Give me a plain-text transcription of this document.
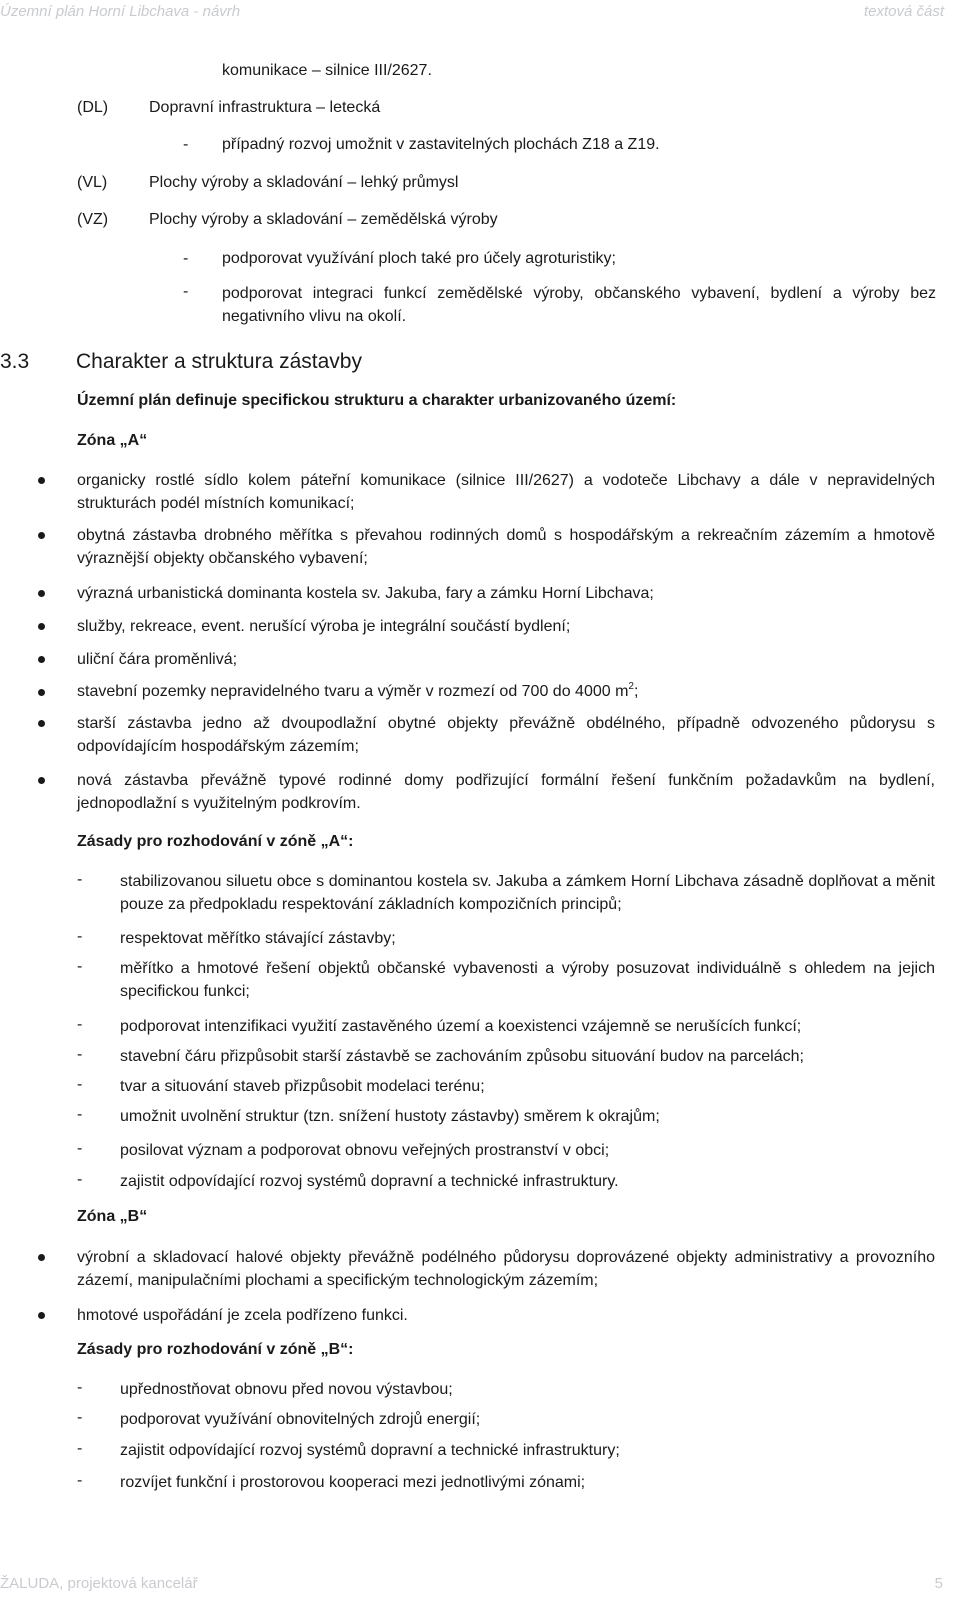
Územní plán Horní Libchava - návrh	textová část
ŽALUDA, projektová kancelář	5
komunikace – silnice III/2627.
(DL)	Dopravní infrastruktura – letecká
- případný rozvoj umožnit v zastavitelných plochách Z18 a Z19.
(VL)	Plochy výroby a skladování – lehký průmysl
(VZ)	Plochy výroby a skladování – zemědělská výroby
- podporovat využívání ploch také pro účely agroturistiky;
- podporovat integraci funkcí zemědělské výroby, občanského vybavení, bydlení a výroby bez negativního vlivu na okolí.
3.3 Charakter a struktura zástavby
Územní plán definuje specifickou strukturu a charakter urbanizovaného území:
Zóna „A“
organicky rostlé sídlo kolem páteřní komunikace (silnice III/2627) a vodoteče Libchavy a dále v nepravidelných strukturách podél místních komunikací;
obytná zástavba drobného měřítka s převahou rodinných domů s hospodářským a rekreačním zázemím a hmotově výraznější objekty občanského vybavení;
výrazná urbanistická dominanta kostela sv. Jakuba, fary a zámku Horní Libchava;
služby, rekreace, event. nerušící výroba je integrální součástí bydlení;
uliční čára proměnlivá;
stavební pozemky nepravidelného tvaru a výměr v rozmezí od 700 do 4000 $m^2$;
starší zástavba jedno až dvoupodlažní obytné objekty převážně obdélného, případně odvozeného půdorysu s odpovídajícím hospodářským zázemím;
nová zástavba převážně typové rodinné domy podřizující formální řešení funkčním požadavkům na bydlení, jednopodlažní s využitelným podkrovím.
Zásady pro rozhodování v zóně „A“:
- stabilizovanou siluetu obce s dominantou kostela sv. Jakuba a zámkem Horní Libchava zásadně doplňovat a měnit pouze za předpokladu respektování základních kompozičních principů;
- respektovat měřítko stávající zástavby;
- měřítko a hmotové řešení objektů občanské vybavenosti a výroby posuzovat individuálně s ohledem na jejich specifickou funkci;
- podporovat intenzifikaci využití zastavěného území a koexistenci vzájemně se nerušících funkcí;
- stavební čáru přizpůsobit starší zástavbě se zachováním způsobu situování budov na parcelách;
- tvar a situování staveb přizpůsobit modelaci terénu;
- umožnit uvolnění struktur (tzn. snížení hustoty zástavby) směrem k okrajům;
- posilovat význam a podporovat obnovu veřejných prostranství v obci;
- zajistit odpovídající rozvoj systémů dopravní a technické infrastruktury.
Zóna „B“
výrobní a skladovací halové objekty převážně podélného půdorysu doprovázené objekty administrativy a provozního zázemí, manipulačními plochami a specifickým technologickým zázemím;
hmotové uspořádání je zcela podřízeno funkci.
Zásady pro rozhodování v zóně „B“:
- upřednostňovat obnovu před novou výstavbou;
- podporovat využívání obnovitelných zdrojů energií;
- zajistit odpovídající rozvoj systémů dopravní a technické infrastruktury;
- rozvíjet funkční i prostorovou kooperaci mezi jednotlivými zónami;
